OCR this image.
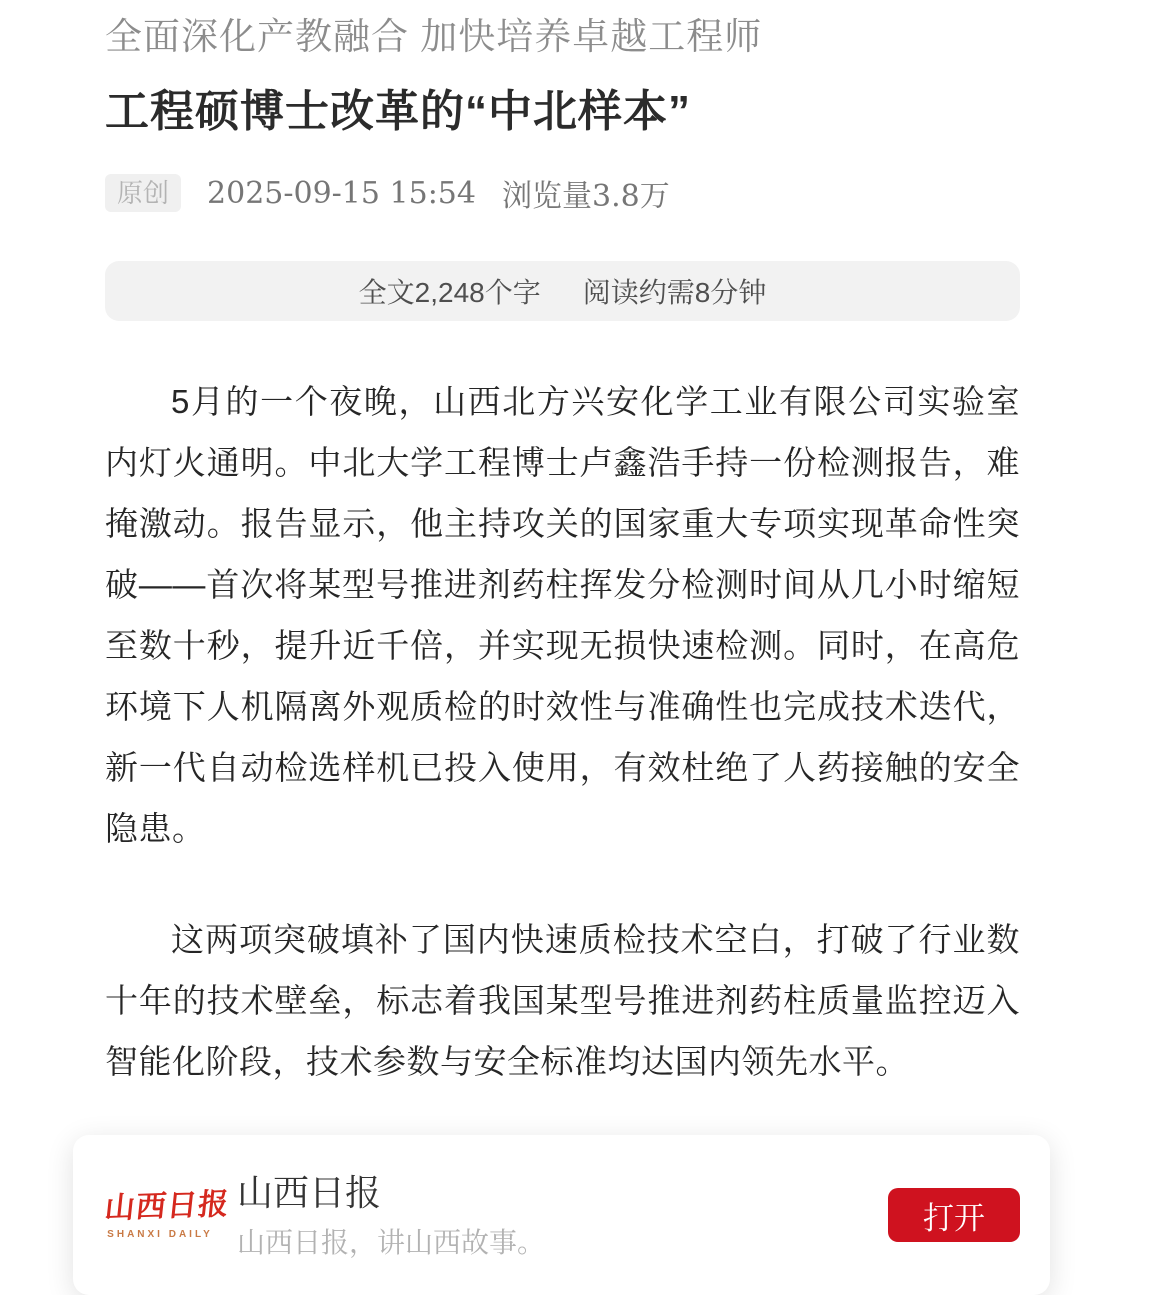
全面深化产教融合 加快培养卓越工程师
工程硕博士改革的“中北样本”
原创	2025-09-15 15:54 浏览量3.8万
全文2,248个字 阅读约需8分钟

5月的一个夜晚，山西北方兴安化学工业有限公司实验室内灯火通明。中北大学工程博士卢鑫浩手持一份检测报告，难掩激动。报告显示，他主持攻关的国家重大专项实现革命性突破——首次将某型号推进剂药柱挥发分检测时间从几小时缩短至数十秒，提升近千倍，并实现无损快速检测。同时，在高危环境下人机隔离外观质检的时效性与准确性也完成技术迭代，新一代自动检选样机已投入使用，有效杜绝了人药接触的安全隐患。

这两项突破填补了国内快速质检技术空白，打破了行业数十年的技术壁垒，标志着我国某型号推进剂药柱质量监控迈入智能化阶段，技术参数与安全标准均达国内领先水平。

山西日报
SHANXI DAILY
山西日报
山西日报，讲山西故事。
打开
